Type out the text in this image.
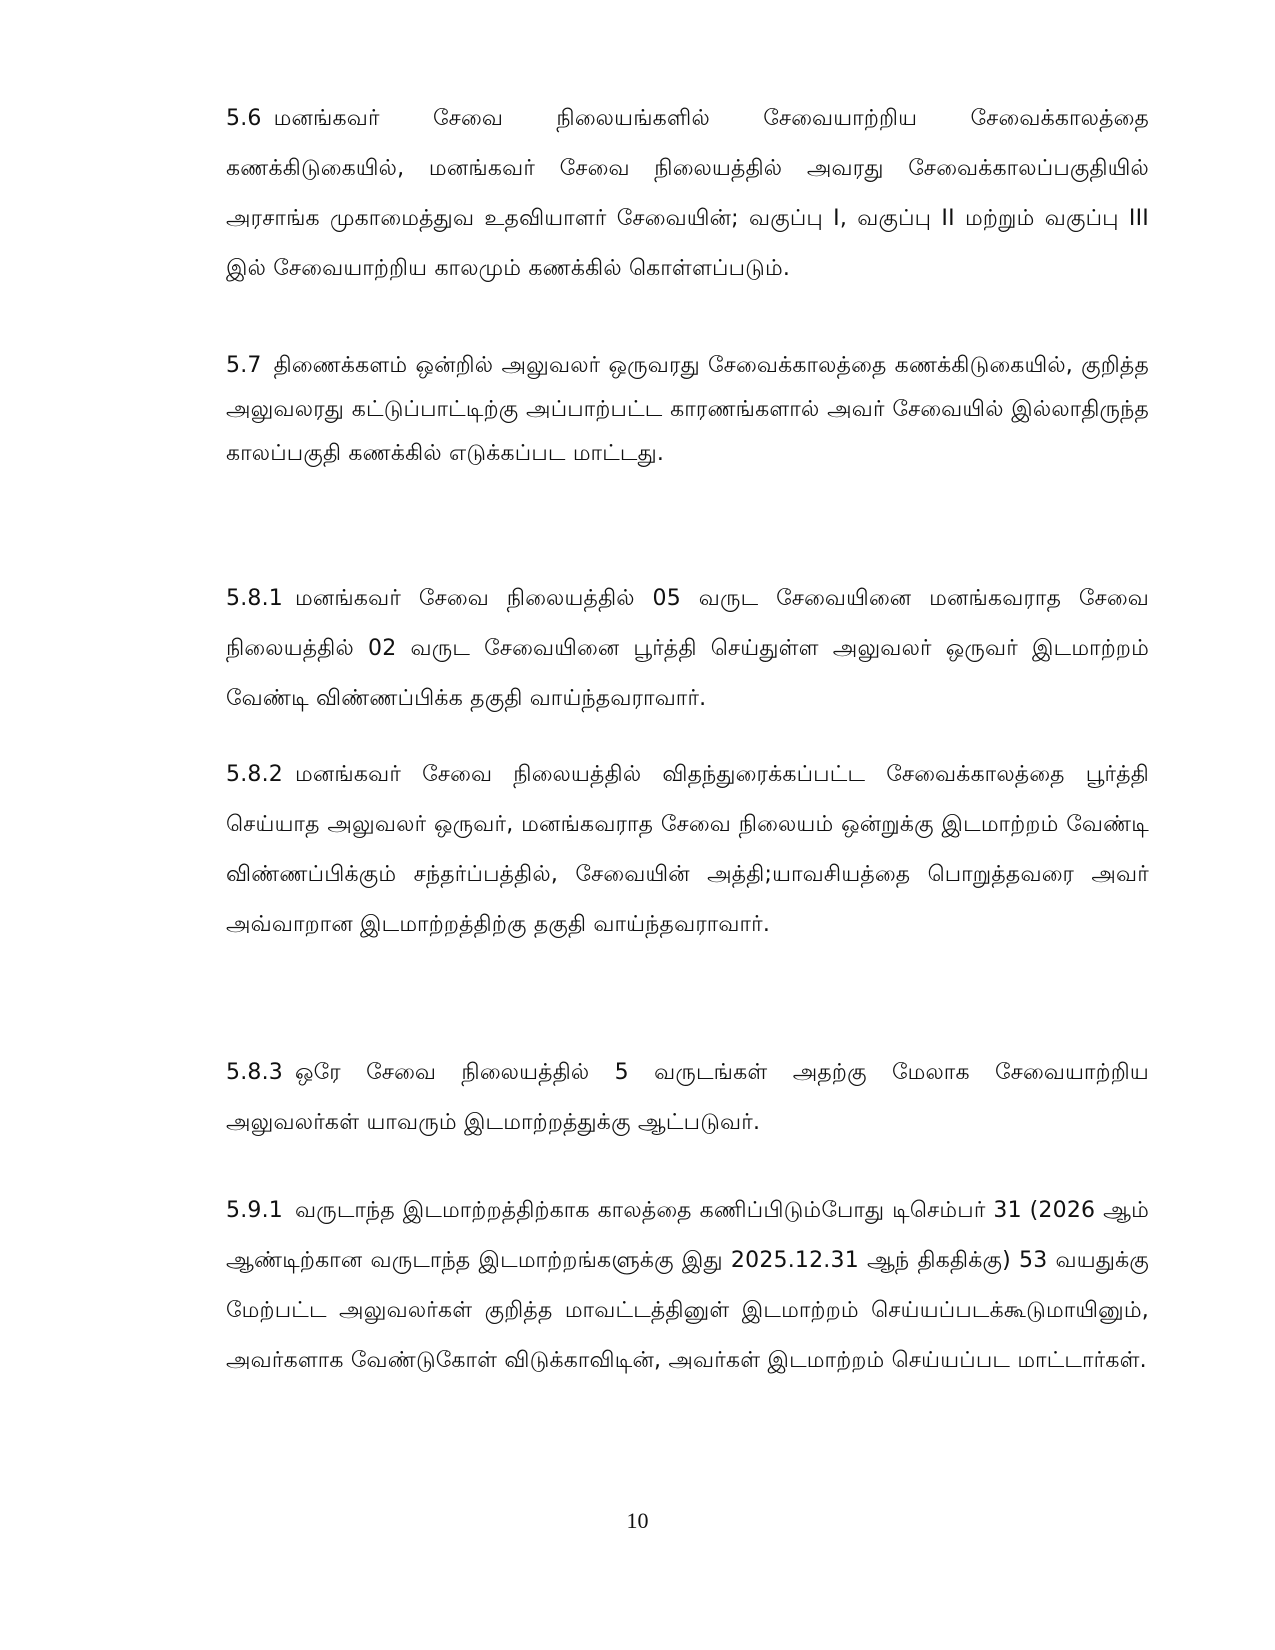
5.6 மனங்கவர் சேவை நிலையங்களில் சேவையாற்றிய சேவைக்காலத்தை கணக்கிடுகையில், மனங்கவர் சேவை நிலையத்தில் அவரது சேவைக்காலப்பகுதியில் அரசாங்க முகாமைத்துவ உதவியாளர் சேவையின்; வகுப்பு I, வகுப்பு II மற்றும் வகுப்பு III இல் சேவையாற்றிய காலமும் கணக்கில் கொள்ளப்படும்.

5.7 திணைக்களம் ஒன்றில் அலுவலர் ஒருவரது சேவைக்காலத்தை கணக்கிடுகையில், குறித்த அலுவலரது கட்டுப்பாட்டிற்கு அப்பாற்பட்ட காரணங்களால் அவர் சேவையில் இல்லாதிருந்த காலப்பகுதி கணக்கில் எடுக்கப்பட மாட்டது.

5.8.1 மனங்கவர் சேவை நிலையத்தில் 05 வருட சேவையினை மனங்கவராத சேவை நிலையத்தில் 02 வருட சேவையினை பூர்த்தி செய்துள்ள அலுவலர் ஒருவர் இடமாற்றம் வேண்டி விண்ணப்பிக்க தகுதி வாய்ந்தவராவார்.

5.8.2 மனங்கவர் சேவை நிலையத்தில் விதந்துரைக்கப்பட்ட சேவைக்காலத்தை பூர்த்தி செய்யாத அலுவலர் ஒருவர், மனங்கவராத சேவை நிலையம் ஒன்றுக்கு இடமாற்றம் வேண்டி விண்ணப்பிக்கும் சந்தர்ப்பத்தில், சேவையின் அத்தி;யாவசியத்தை பொறுத்தவரை அவர் அவ்வாறான இடமாற்றத்திற்கு தகுதி வாய்ந்தவராவார்.

5.8.3 ஒரே சேவை நிலையத்தில் 5 வருடங்கள் அதற்கு மேலாக சேவையாற்றிய அலுவலர்கள் யாவரும் இடமாற்றத்துக்கு ஆட்படுவர்.

5.9.1 வருடாந்த இடமாற்றத்திற்காக காலத்தை கணிப்பிடும்போது டிசெம்பர் 31 (2026 ஆம் ஆண்டிற்கான வருடாந்த இடமாற்றங்களுக்கு இது 2025.12.31 ஆந் திகதிக்கு) 53 வயதுக்கு மேற்பட்ட அலுவலர்கள் குறித்த மாவட்டத்தினுள் இடமாற்றம் செய்யப்படக்கூடுமாயினும், அவர்களாக வேண்டுகோள் விடுக்காவிடின், அவர்கள் இடமாற்றம் செய்யப்பட மாட்டார்கள்.

10
